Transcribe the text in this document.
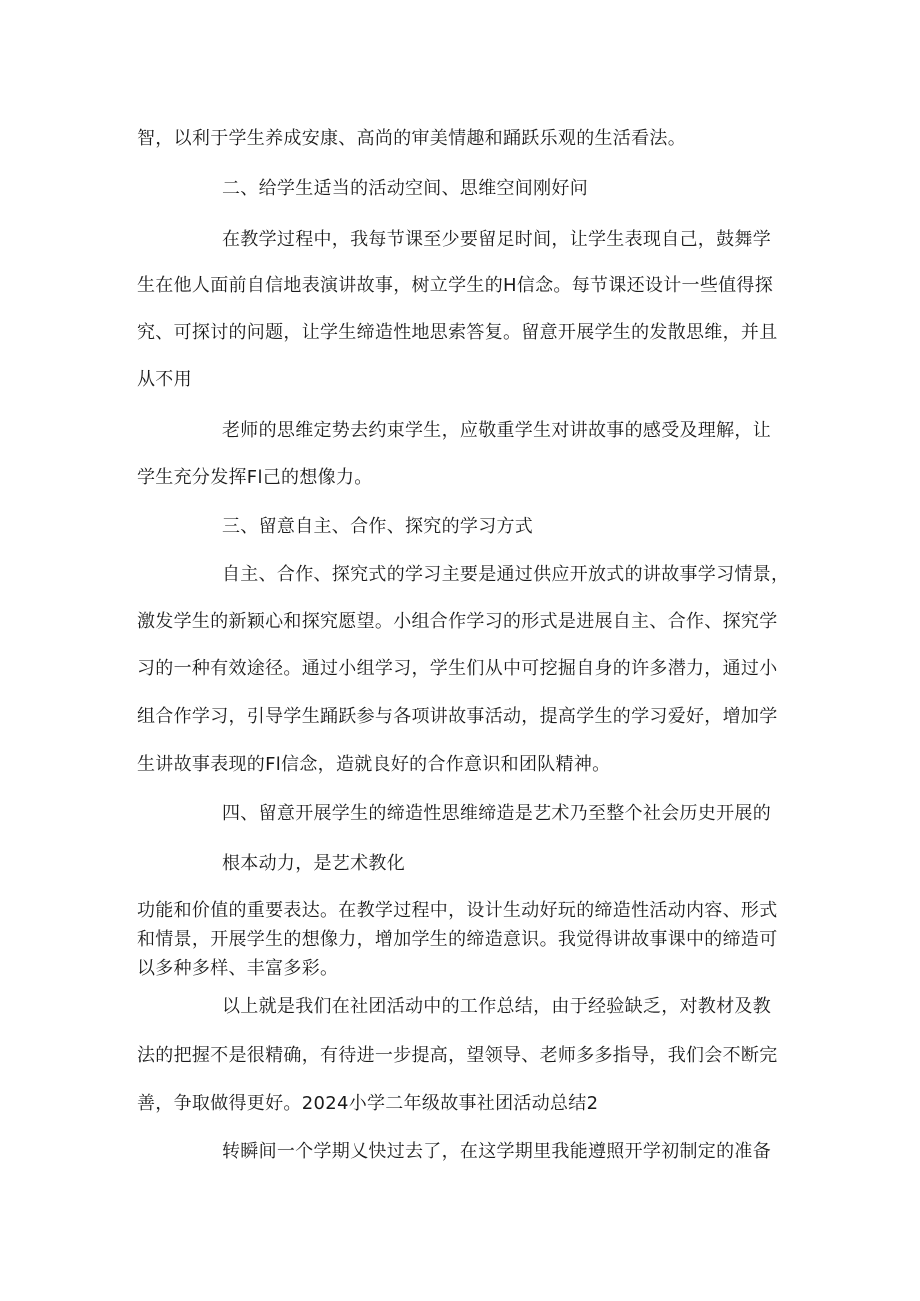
智，以利于学生养成安康、高尚的审美情趣和踊跃乐观的生活看法。
二、给学生适当的活动空间、思维空间刚好问
在教学过程中，我每节课至少要留足时间，让学生表现自己，鼓舞学
生在他人面前自信地表演讲故事，树立学生的H信念。每节课还设计一些值得探
究、可探讨的问题，让学生缔造性地思索答复。留意开展学生的发散思维，并且
从不用
老师的思维定势去约束学生，应敬重学生对讲故事的感受及理解，让
学生充分发挥Fl己的想像力。
三、留意自主、合作、探究的学习方式
自主、合作、探究式的学习主要是通过供应开放式的讲故事学习情景，
激发学生的新颖心和探究愿望。小组合作学习的形式是进展自主、合作、探究学
习的一种有效途径。通过小组学习，学生们从中可挖掘自身的许多潜力，通过小
组合作学习，引导学生踊跃参与各项讲故事活动，提高学生的学习爱好，增加学
生讲故事表现的Fl信念，造就良好的合作意识和团队精神。
四、留意开展学生的缔造性思维缔造是艺术乃至整个社会历史开展的
根本动力，是艺术教化
功能和价值的重要表达。在教学过程中，设计生动好玩的缔造性活动内容、形式和情景，开展学生的想像力，增加学生的缔造意识。我觉得讲故事课中的缔造可以多种多样、丰富多彩。
以上就是我们在社团活动中的工作总结，由于经验缺乏，对教材及教
法的把握不是很精确，有待进一步提高，望领导、老师多多指导，我们会不断完
善，争取做得更好。2024小学二年级故事社团活动总结2
转瞬间一个学期乂快过去了，在这学期里我能遵照开学初制定的准备
